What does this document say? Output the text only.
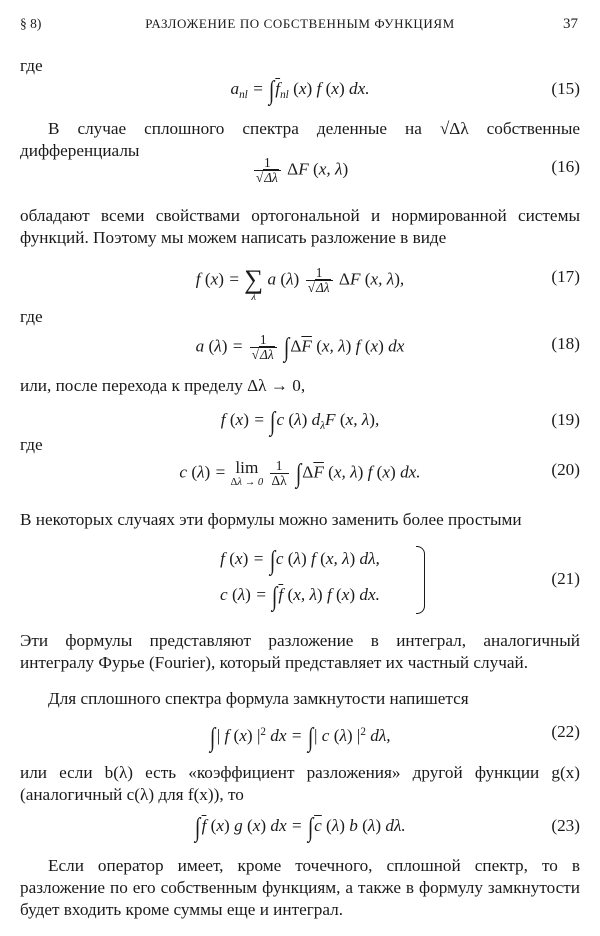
§ 8)	РАЗЛОЖЕНИЕ ПО СОБСТВЕННЫМ ФУНКЦИЯМ	37
где
$a_{nl} = \int\overline{f}_{nl}$ (x) f (x) dx.	(15)
В случае сплошного спектра деленные на √Δλ собственные дифференциалы
$\frac{1}{√\Delta\lambda}$ ΔF (x, λ)	(16)
обладают всеми свойствами ортогональной и нормированной системы функций. Поэтому мы можем написать разложение в виде
f (x) = ∑
λ
a $(\lambda) \frac{1}{√\Delta\lambda}$ ΔF (x, λ),	(17)
где
a $(\lambda) = \frac{1}{√\Delta\lambda} \int\Delta\overline{F}$ (x, λ) f (x) dx	(18)
или, после перехода к пределу Δλ → 0,
f (x) = ∫c (λ) $d_\lambda F$ (x, λ),	(19)
где
c (λ) = lim
Δλ → 0
$\frac{1}{\Delta\lambda} \int\Delta\overline{F}$ (x, λ) f (x) dx.	(20)
В некоторых случаях эти формулы можно заменить более простыми
f (x) = ∫c (λ) f (x, λ) dλ,
c $(\lambda) = \int\overline{f}$ (x, λ) f (x) dx.
(21)
Эти формулы представляют разложение в интеграл, аналогичный интегралу Фурье (Fourier), который представляет их частный случай.
Для сплошного спектра формула замкнутости напишется
∫| f (x) $|^2$ dx = ∫| c (λ) $|^2$ dλ,	(22)
или если b(λ) есть «коэффициент разложения» другой функции g(x) (аналогичный c(λ) для f(x)), то
$\int\overline{f}$ (x) g (x) dx = $\int\overline{c}$ (λ) b (λ) dλ.	(23)
Если оператор имеет, кроме точечного, сплошной спектр, то в разложение по его собственным функциям, а также в формулу замкнутости будет входить кроме суммы еще и интеграл.
